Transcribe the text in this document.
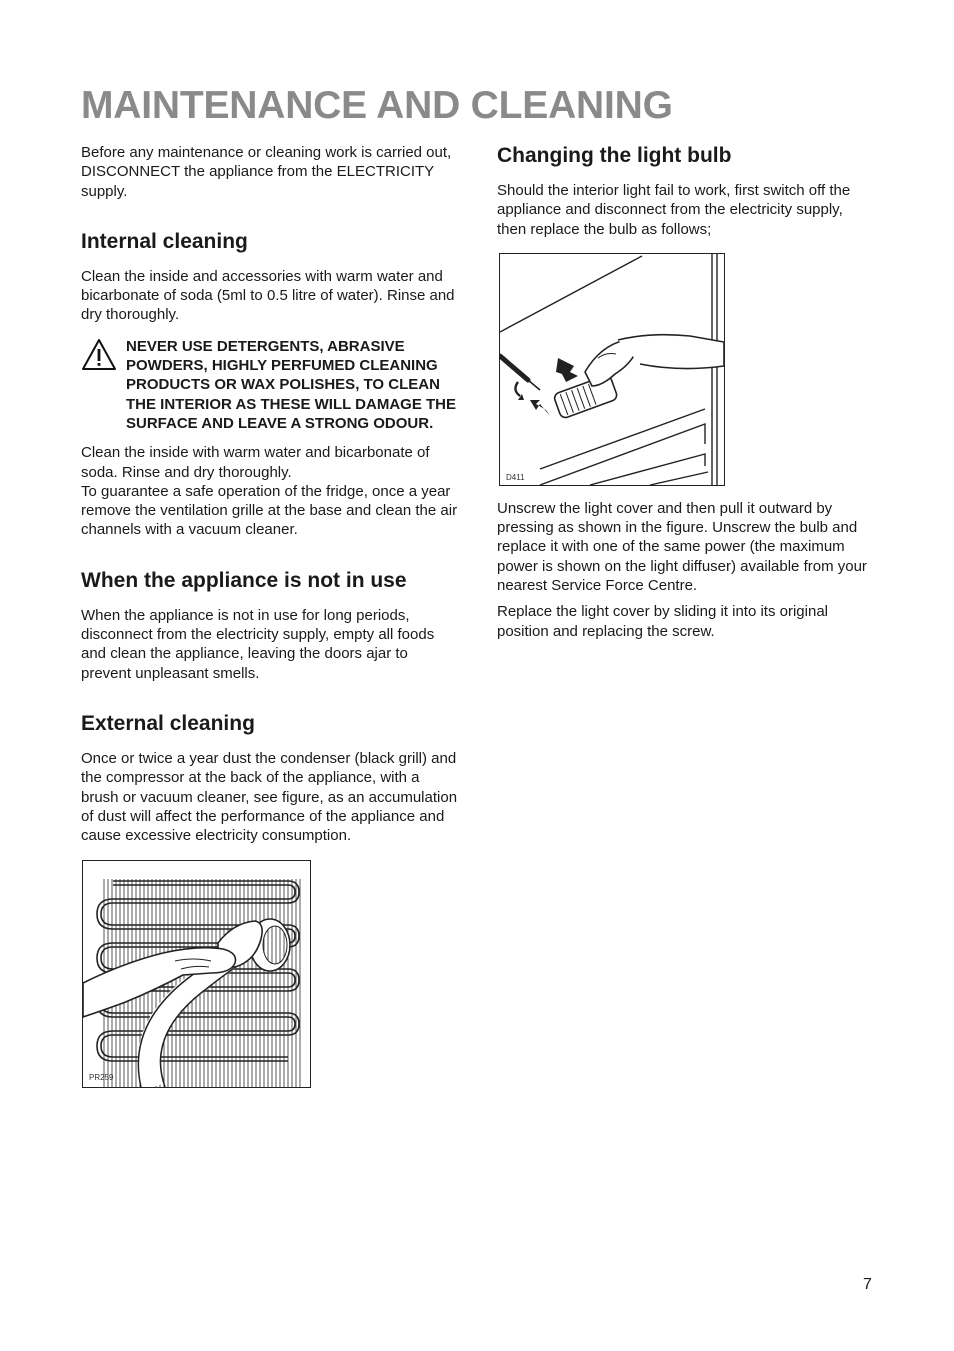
MAINTENANCE AND CLEANING

Before any maintenance or cleaning work is carried out, DISCONNECT the appliance from the ELECTRICITY supply.

Internal cleaning

Clean the inside and accessories with warm water and bicarbonate of soda (5ml to 0.5 litre of water). Rinse and dry thoroughly.

NEVER USE DETERGENTS, ABRASIVE POWDERS, HIGHLY PERFUMED CLEANING PRODUCTS OR WAX POLISHES, TO CLEAN THE INTERIOR AS THESE WILL DAMAGE THE SURFACE AND LEAVE A STRONG ODOUR.

Clean the inside with warm water and bicarbonate of soda. Rinse and dry thoroughly.

To guarantee a safe operation of the fridge, once a year remove the ventilation grille at the base and clean the air channels with a vacuum cleaner.

When the appliance is not in use

When the appliance is not in use for long periods, disconnect from the electricity supply, empty all foods and clean the appliance, leaving the doors ajar to prevent unpleasant smells.

External cleaning

Once or twice a year dust the condenser (black grill) and the compressor at the back of the appliance, with a brush or vacuum cleaner, see figure, as an accumulation of dust will affect the performance of the appliance and cause excessive electricity consumption.

PR259
Changing the light bulb

Should the interior light fail to work, first switch off the appliance and disconnect from the electricity supply, then replace the bulb as follows;

D411

Unscrew the light cover and then pull it outward by pressing as shown in the figure. Unscrew the bulb and replace it with one of the same power (the maximum power is shown on the light diffuser) available from your nearest Service Force Centre.

Replace the light cover by sliding it into its original position and replacing the screw.

7
